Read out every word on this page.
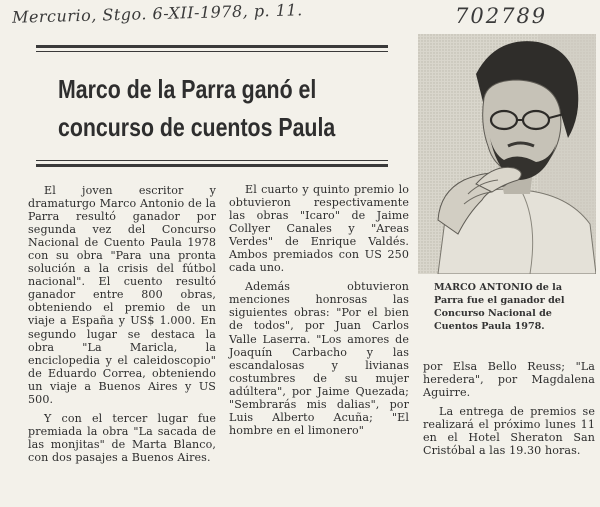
Mercurio, Stgo. 6-XII-1978, p. 11.	702789
Marco de la Parra ganó el
concurso de cuentos Paula
MARCO ANTONIO de la Parra fue el ganador del Concurso Nacional de Cuentos Paula 1978.

El joven escritor y dramaturgo Marco Antonio de la Parra resultó ganador por segunda vez del Concurso Nacional de Cuento Paula 1978 con su obra "Para una pronta solución a la crisis del fútbol nacional". El cuento resultó ganador entre 800 obras, obteniendo el premio de un viaje a España y US$ 1.000. En segundo lugar se destaca la obra "La Maricla, la enciclopedia y el caleidoscopio" de Eduardo Correa, obteniendo un viaje a Buenos Aires y US 500.

Y con el tercer lugar fue premiada la obra "La sacada de las monjitas" de Marta Blanco, con dos pasajes a Buenos Aires.

El cuarto y quinto premio lo obtuvieron respectivamente las obras "Icaro" de Jaime Collyer Canales y "Areas Verdes" de Enrique Valdés. Ambos premiados con US 250 cada uno.

Además obtuvieron menciones honrosas las siguientes obras: "Por el bien de todos", por Juan Carlos Valle Laserra. "Los amores de Joaquín Carbacho y las escandalosas y livianas costumbres de su mujer adúltera", por Jaime Quezada; "Sembrarás mis dalias", por Luis Alberto Acuña; "El hombre en el limonero"

por Elsa Bello Reuss; "La heredera", por Magdalena Aguirre.

La entrega de premios se realizará el próximo lunes 11 en el Hotel Sheraton San Cristóbal a las 19.30 horas.
